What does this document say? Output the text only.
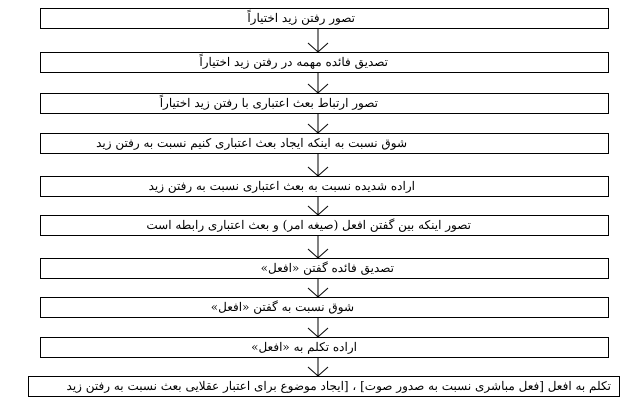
تصور رفتن زید اختیاراً
تصدیق فائده مهمه در رفتن زید اختیاراً
تصور ارتباط بعث اعتباری با رفتن زید اختیاراً
شوق نسبت به اینکه ایجاد بعث اعتباری کنیم نسبت به رفتن زید
اراده شدیده نسبت به بعث اعتباری نسبت به رفتن زید
تصور اینکه بین گفتن افعل (صیغه امر) و بعث اعتباری رابطه است
تصدیق فائده گفتن «افعل»
شوق نسبت به گفتن «افعل»
اراده تکلم به «افعل»
تکلم به افعل [فعل مباشری نسبت به صدور صوت] ، [ایجاد موضوع برای اعتبار عقلایی بعث نسبت به رفتن زید
